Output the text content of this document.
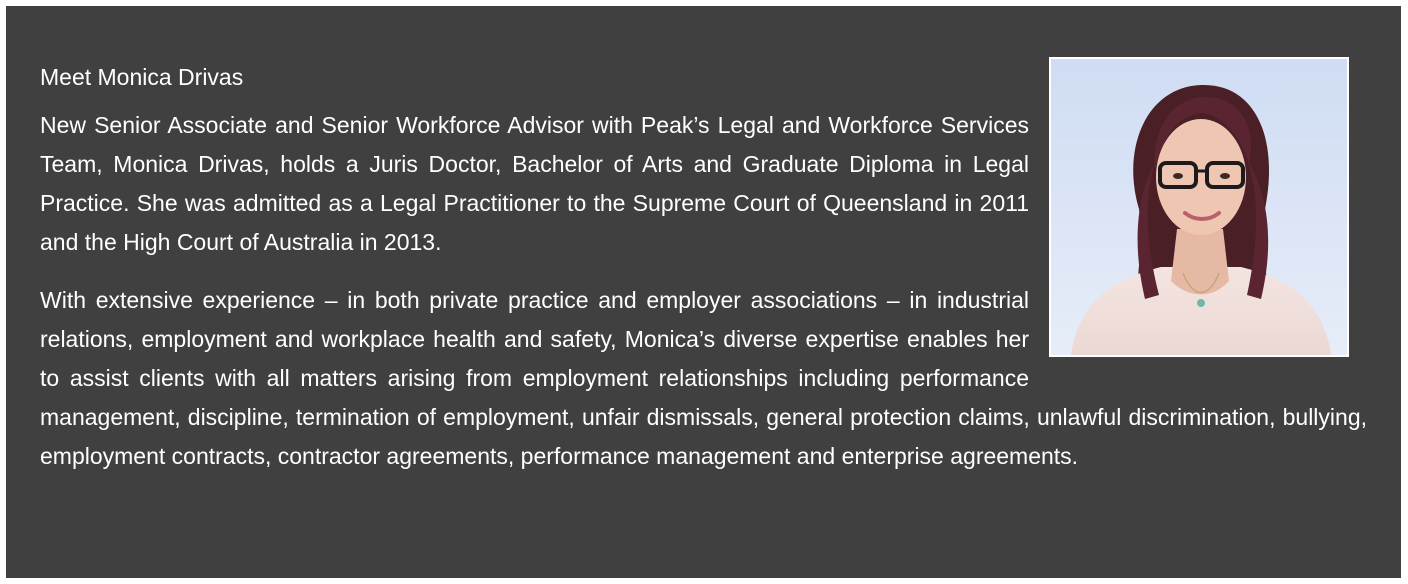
Meet Monica Drivas

New Senior Associate and Senior Workforce Advisor with Peak’s Legal and Workforce Services Team, Monica Drivas, holds a Juris Doctor, Bachelor of Arts and Graduate Diploma in Legal Practice. She was admitted as a Legal Practitioner to the Supreme Court of Queensland in 2011 and the High Court of Australia in 2013.

With extensive experience – in both private practice and employer associations – in industrial relations, employment and workplace health and safety, Monica’s diverse expertise enables her to assist clients with all matters arising from employment relationships including performance management, discipline, termination of employment, unfair dismissals, general protection claims, unlawful discrimination, bullying, employment contracts, contractor agreements, performance management and enterprise agreements.
